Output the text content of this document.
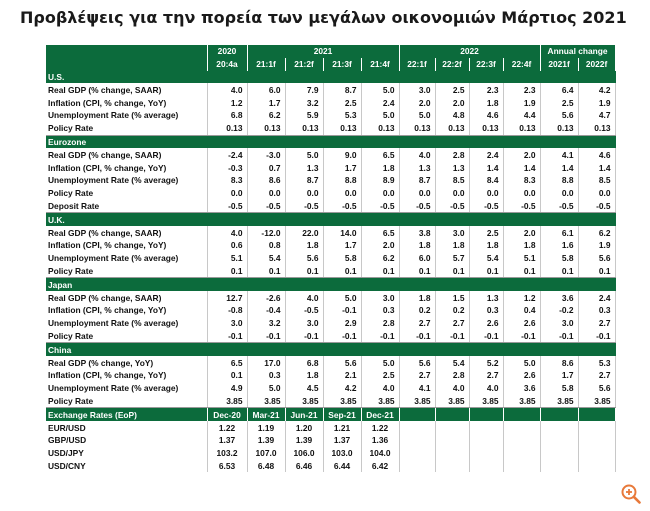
Προβλέψεις για την πορεία των μεγάλων οικονομιών Μάρτιος 2021
	2020	2021				2022				Annual change	
	20:4a	21:1f	21:2f	21:3f	21:4f	22:1f	22:2f	22:3f	22:4f	2021f	2022f
U.S.											
Real GDP (% change, SAAR)	4.0	6.0	7.9	8.7	5.0	3.0	2.5	2.3	2.3	6.4	4.2
Inflation (CPI, % change, YoY)	1.2	1.7	3.2	2.5	2.4	2.0	2.0	1.8	1.9	2.5	1.9
Unemployment Rate (% average)	6.8	6.2	5.9	5.3	5.0	5.0	4.8	4.6	4.4	5.6	4.7
Policy Rate	0.13	0.13	0.13	0.13	0.13	0.13	0.13	0.13	0.13	0.13	0.13
Eurozone											
Real GDP (% change, SAAR)	-2.4	-3.0	5.0	9.0	6.5	4.0	2.8	2.4	2.0	4.1	4.6
Inflation (CPI, % change, YoY)	-0.3	0.7	1.3	1.7	1.8	1.3	1.3	1.4	1.4	1.4	1.4
Unemployment Rate (% average)	8.3	8.6	8.7	8.8	8.9	8.7	8.5	8.4	8.3	8.8	8.5
Policy Rate	0.0	0.0	0.0	0.0	0.0	0.0	0.0	0.0	0.0	0.0	0.0
Deposit Rate	-0.5	-0.5	-0.5	-0.5	-0.5	-0.5	-0.5	-0.5	-0.5	-0.5	-0.5
U.K.											
Real GDP (% change, SAAR)	4.0	-12.0	22.0	14.0	6.5	3.8	3.0	2.5	2.0	6.1	6.2
Inflation (CPI, % change, YoY)	0.6	0.8	1.8	1.7	2.0	1.8	1.8	1.8	1.8	1.6	1.9
Unemployment Rate (% average)	5.1	5.4	5.6	5.8	6.2	6.0	5.7	5.4	5.1	5.8	5.6
Policy Rate	0.1	0.1	0.1	0.1	0.1	0.1	0.1	0.1	0.1	0.1	0.1
Japan											
Real GDP (% change, SAAR)	12.7	-2.6	4.0	5.0	3.0	1.8	1.5	1.3	1.2	3.6	2.4
Inflation (CPI, % change, YoY)	-0.8	-0.4	-0.5	-0.1	0.3	0.2	0.2	0.3	0.4	-0.2	0.3
Unemployment Rate (% average)	3.0	3.2	3.0	2.9	2.8	2.7	2.7	2.6	2.6	3.0	2.7
Policy Rate	-0.1	-0.1	-0.1	-0.1	-0.1	-0.1	-0.1	-0.1	-0.1	-0.1	-0.1
China											
Real GDP (% change, YoY)	6.5	17.0	6.8	5.6	5.0	5.6	5.4	5.2	5.0	8.6	5.3
Inflation (CPI, % change, YoY)	0.1	0.3	1.8	2.1	2.5	2.7	2.8	2.7	2.6	1.7	2.7
Unemployment Rate (% average)	4.9	5.0	4.5	4.2	4.0	4.1	4.0	4.0	3.6	5.8	5.6
Policy Rate	3.85	3.85	3.85	3.85	3.85	3.85	3.85	3.85	3.85	3.85	3.85
Exchange Rates (EoP)	Dec-20	Mar-21	Jun-21	Sep-21	Dec-21						
EUR/USD	1.22	1.19	1.20	1.21	1.22						
GBP/USD	1.37	1.39	1.39	1.37	1.36						
USD/JPY	103.2	107.0	106.0	103.0	104.0						
USD/CNY	6.53	6.48	6.46	6.44	6.42						
